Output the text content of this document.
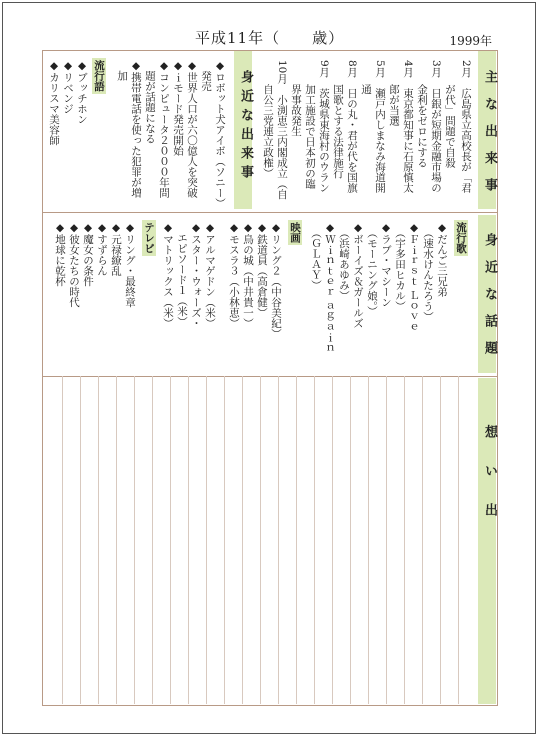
平成11年（　　歳）	1999年
主な出来事
身近な話題
想い出
身近な出来事
2月　広島県立高校長が「君
が代」問題で自殺
3月　日銀が短期金融市場の
金利をゼロにする
4月　東京都知事に石原慎太
郎が当選
5月　瀬戸内しまなみ海道開
通
8月　日の丸・君が代を国旗
国歌とする法律施行
9月　茨城県東海村のウラン
加工施設で日本初の臨
界事故発生
10月　小渕恵三内閣成立（自
自公三党連立政権）
◆ロボット犬アイボ（ソニー）
　発売
◆世界人口が六〇億人を突破
◆ｉモード発売開始
◆コンピュータ２０００年問
　題が話題になる
◆携帯電話を使った犯罪が増
　加
流行語
◆ブッチホン
◆リベンジ
◆カリスマ美容師
流行歌
◆だんご三兄弟
　（速水けんたろう）
◆Ｆｉｒｓｔ Ｌｏｖｅ
　（宇多田ヒカル）
◆ラブ・マシーン
　（モーニング娘。）
◆ボーイズ＆ガールズ
　（浜崎あゆみ）
◆Ｗｉｎｔｅｒ ａｇａｉｎ
　（ＧＬＡＹ）
映画
◆リング２（中谷美紀）
◆鉄道員（高倉健）
◆鳥の城（中井貴一）
◆モスラ３（小林恵）
◆アルマゲドン（米）
◆スター・ウォーズ・
　エピソード１（米）
◆マトリックス（米）
テレビ
◆リング・最終章
◆元禄繚乱
◆すずらん
◆魔女の条件
◆彼女たちの時代
◆地球に乾杯
